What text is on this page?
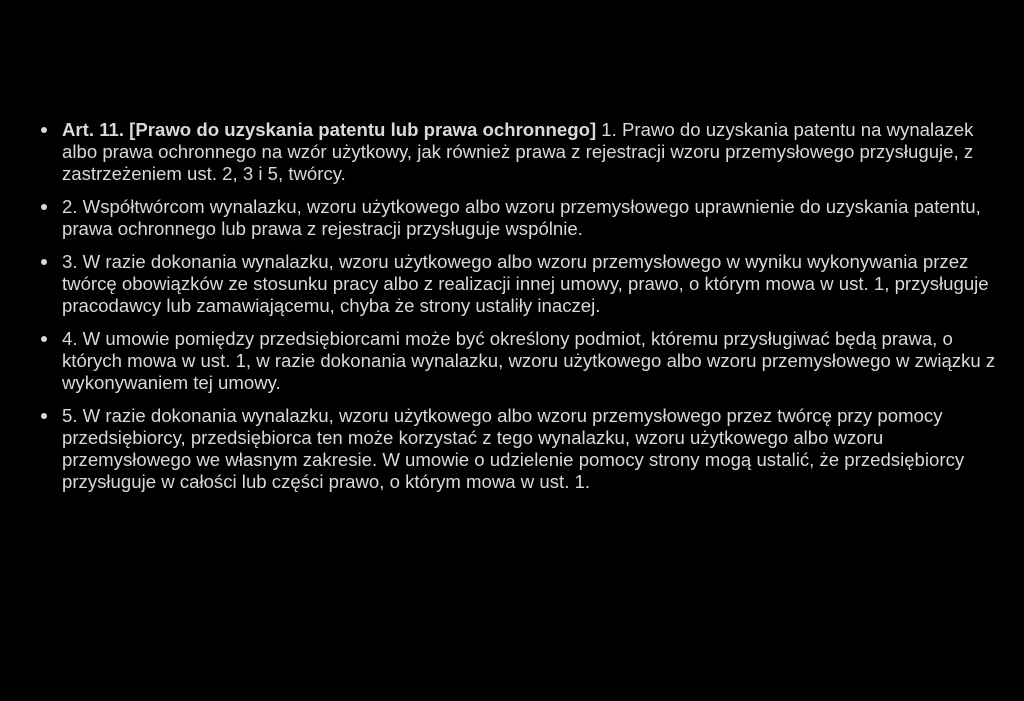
Art. 11. [Prawo do uzyskania patentu lub prawa ochronnego] 1. Prawo do uzyskania patentu na wynalazek albo prawa ochronnego na wzór użytkowy, jak również prawa z rejestracji wzoru przemysłowego przysługuje, z zastrzeżeniem ust. 2, 3 i 5, twórcy.
2. Współtwórcom wynalazku, wzoru użytkowego albo wzoru przemysłowego uprawnienie do uzyskania patentu, prawa ochronnego lub prawa z rejestracji przysługuje wspólnie.
3. W razie dokonania wynalazku, wzoru użytkowego albo wzoru przemysłowego w wyniku wykonywania przez twórcę obowiązków ze stosunku pracy albo z realizacji innej umowy, prawo, o którym mowa w ust. 1, przysługuje pracodawcy lub zamawiającemu, chyba że strony ustaliły inaczej.
4. W umowie pomiędzy przedsiębiorcami może być określony podmiot, któremu przysługiwać będą prawa, o których mowa w ust. 1, w razie dokonania wynalazku, wzoru użytkowego albo wzoru przemysłowego w związku z wykonywaniem tej umowy.
5. W razie dokonania wynalazku, wzoru użytkowego albo wzoru przemysłowego przez twórcę przy pomocy przedsiębiorcy, przedsiębiorca ten może korzystać z tego wynalazku, wzoru użytkowego albo wzoru przemysłowego we własnym zakresie. W umowie o udzielenie pomocy strony mogą ustalić, że przedsiębiorcy przysługuje w całości lub części prawo, o którym mowa w ust. 1.
